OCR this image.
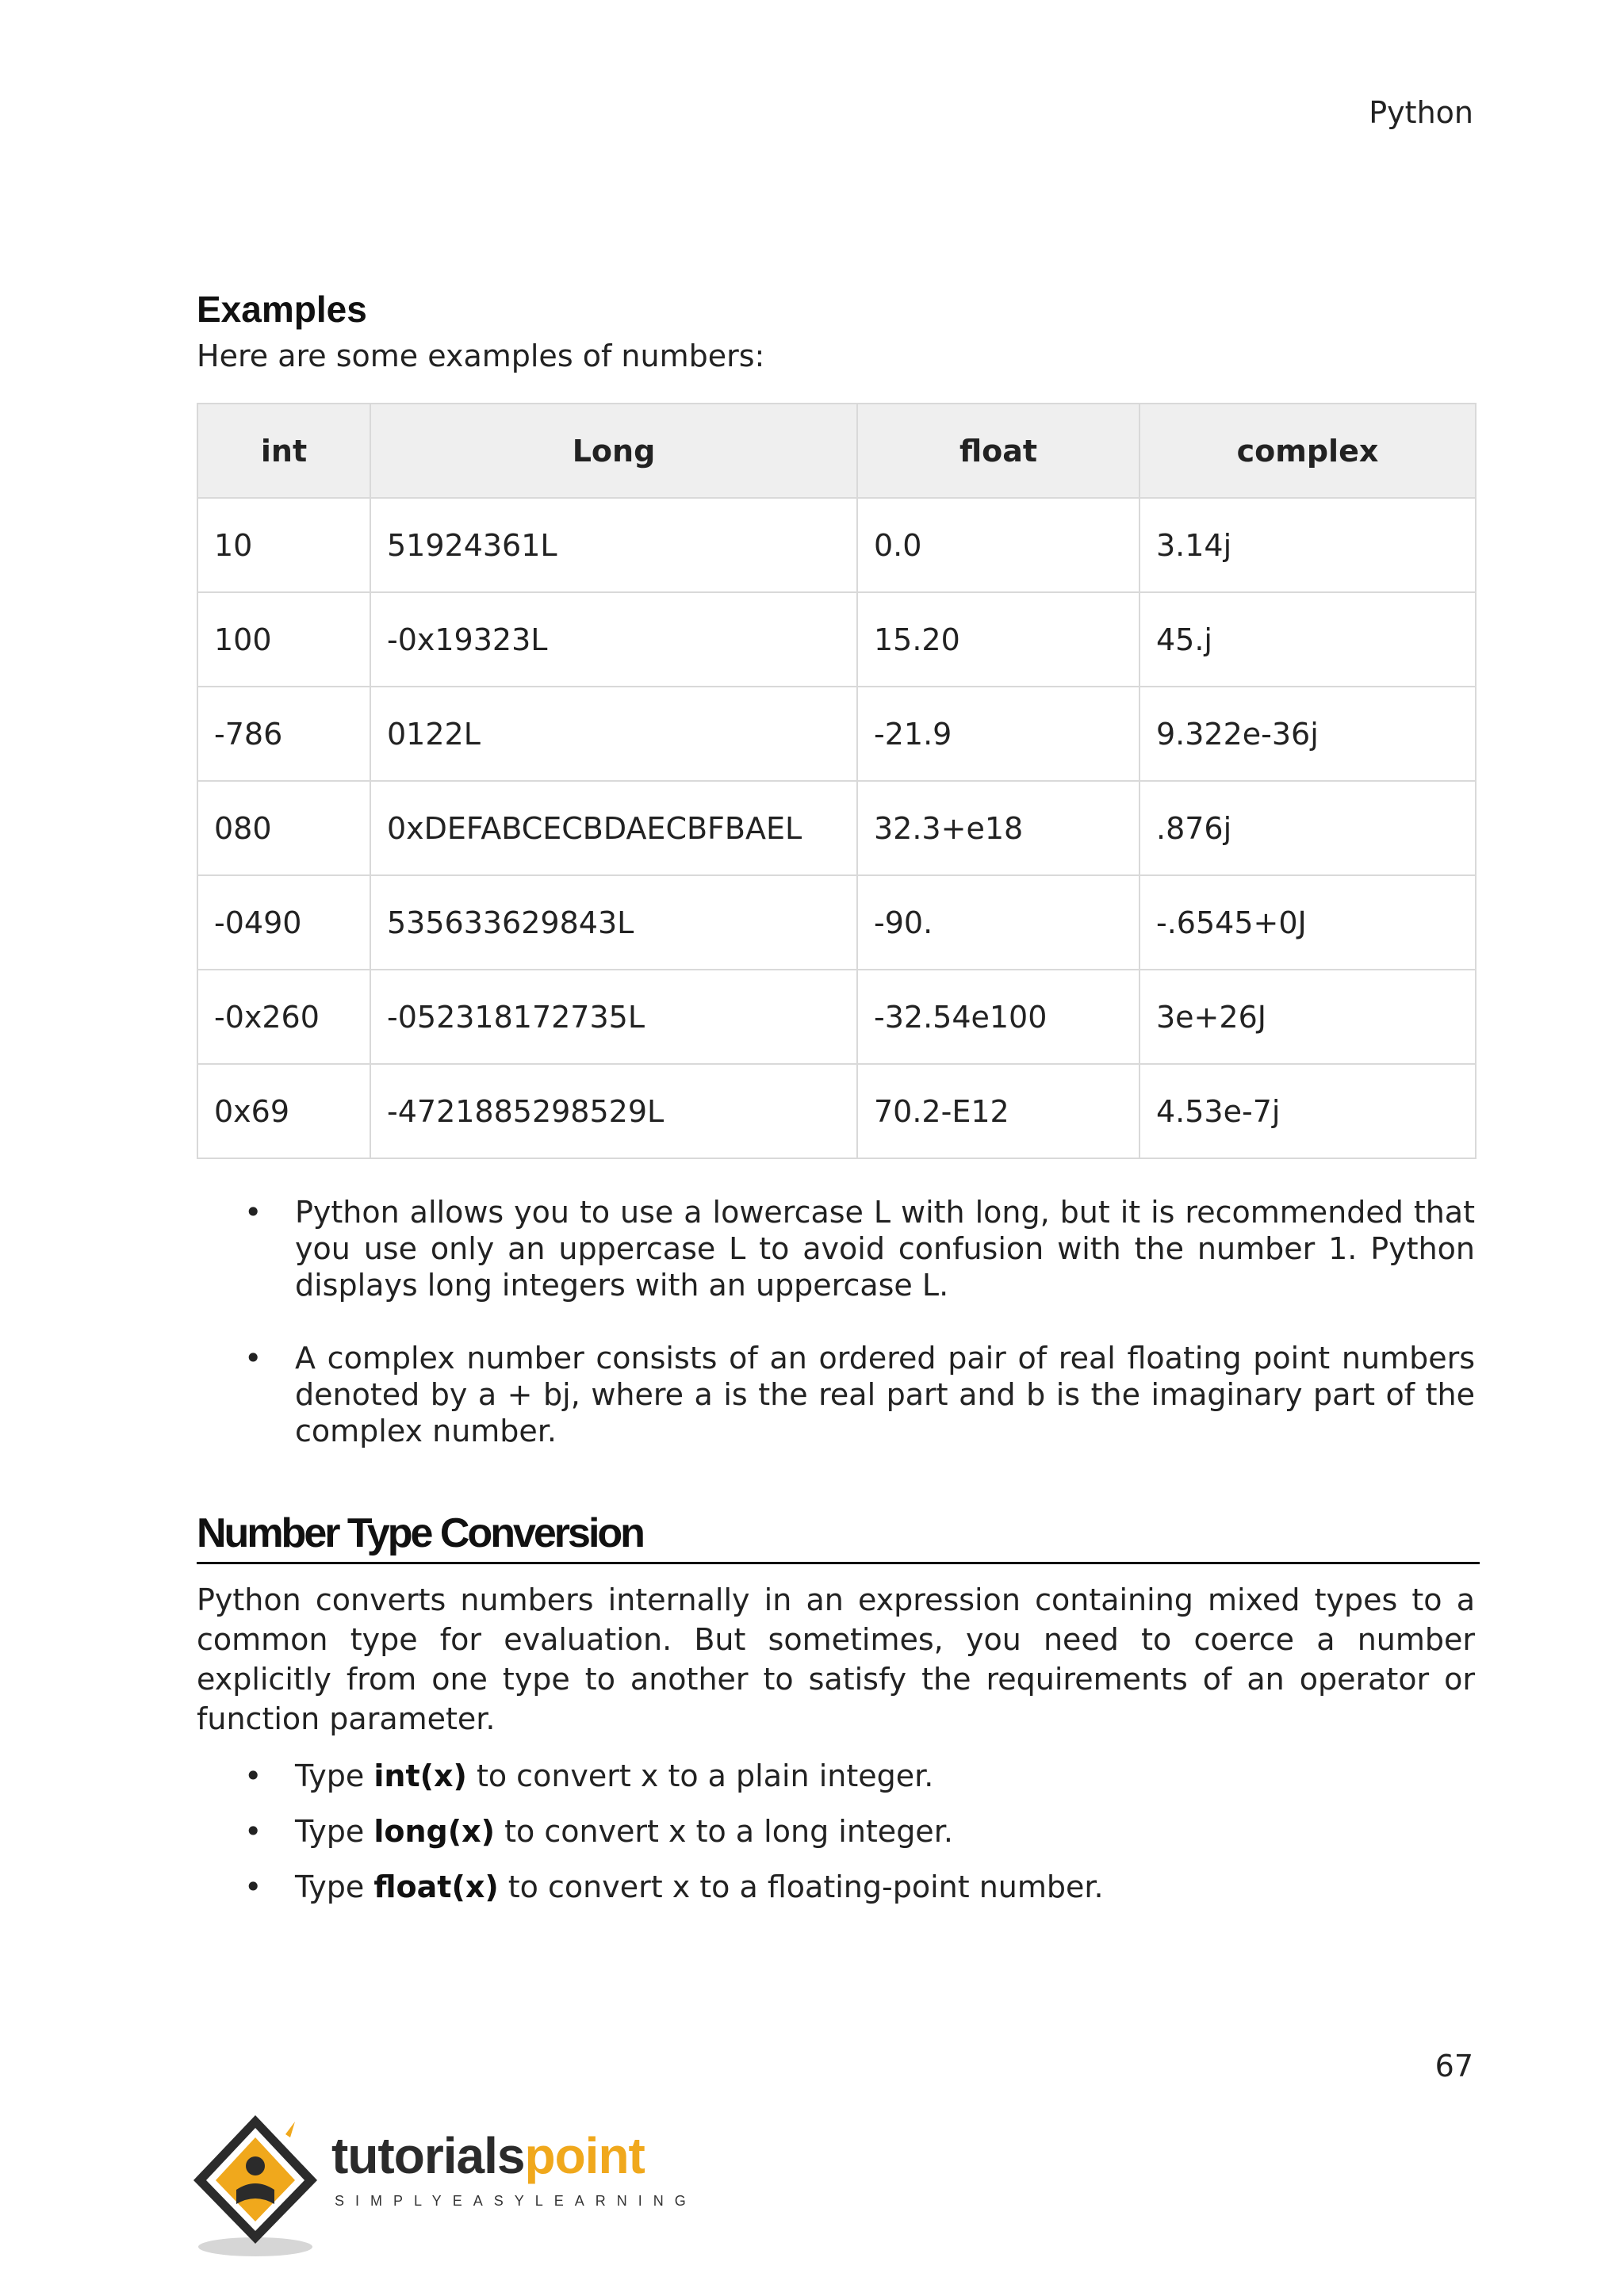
Python
Examples

Here are some examples of numbers:

int	Long	float	complex
10	51924361L	0.0	3.14j
100	-0x19323L	15.20	45.j
-786	0122L	-21.9	9.322e-36j
080	0xDEFABCECBDAECBFBAEL	32.3+e18	.876j
-0490	535633629843L	-90.	-.6545+0J
-0x260	-052318172735L	-32.54e100	3e+26J
0x69	-4721885298529L	70.2-E12	4.53e-7j
• Python allows you to use a lowercase L with long, but it is recommended that you use only an uppercase L to avoid confusion with the number 1. Python displays long integers with an uppercase L.
• A complex number consists of an ordered pair of real floating point numbers denoted by a + bj, where a is the real part and b is the imaginary part of the complex number.
Number Type Conversion

Python converts numbers internally in an expression containing mixed types to a common type for evaluation. But sometimes, you need to coerce a number explicitly from one type to another to satisfy the requirements of an operator or function parameter.

• Type int(x) to convert x to a plain integer.
• Type long(x) to convert x to a long integer.
• Type float(x) to convert x to a floating-point number.
67
tutorialspoint
SIMPLYEASYLEARNING
